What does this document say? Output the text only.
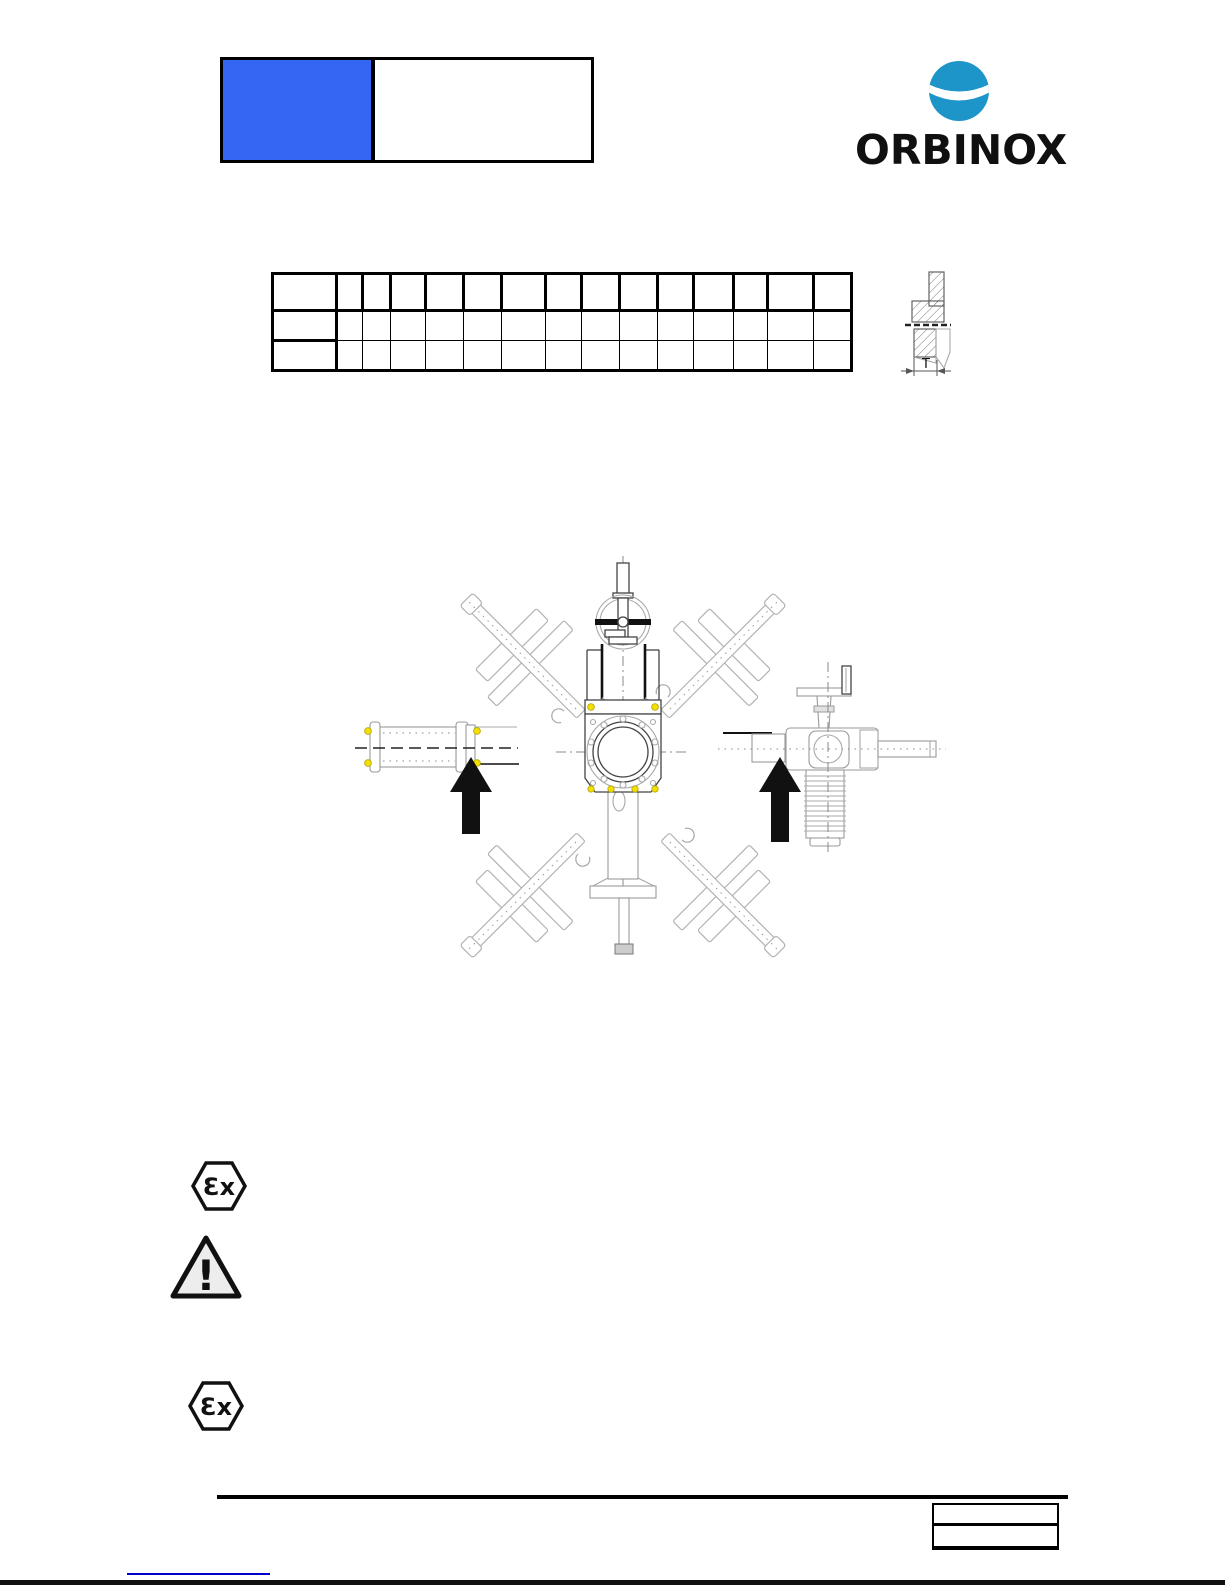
ORBINOX

T
Ɛx
!
Ɛx
